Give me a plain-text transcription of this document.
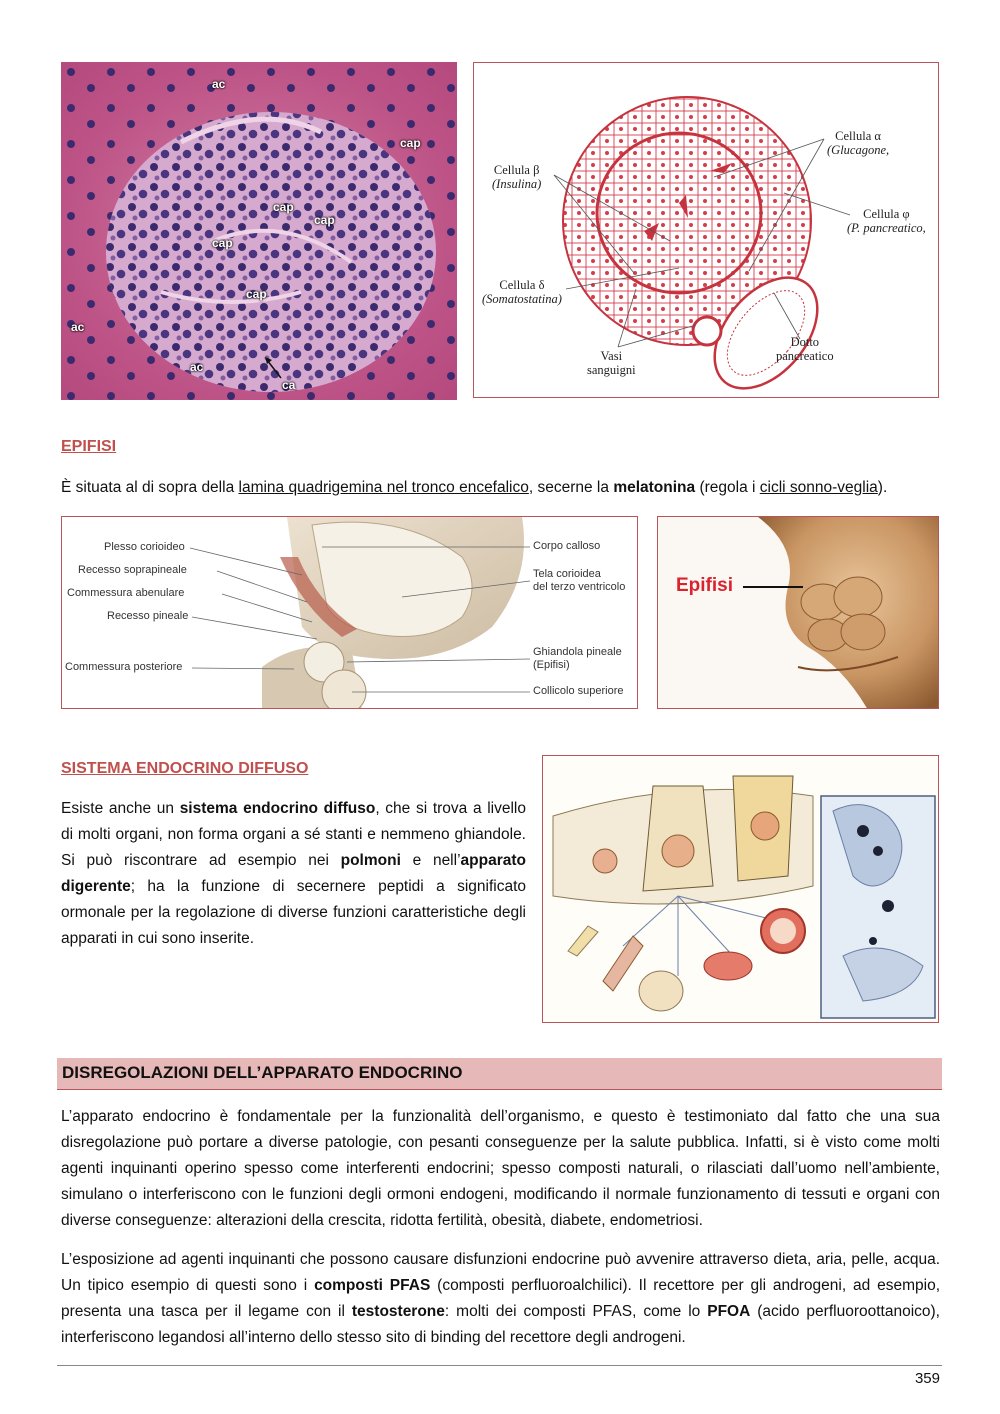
ac
cap
cap
cap
cap
cap
ac
ac
ca
Cellula β
(Insulina)
Cellula α
(Glucagone,
Cellula φ
(P. pancreatico,
Cellula δ
(Somatostatina)
Vasi
sanguigni
Dotto
pancreatico
EPIFISI
È situata al di sopra della lamina quadrigemina nel tronco encefalico, secerne la melatonina (regola i cicli sonno-veglia).
Plesso corioideo
Recesso soprapineale
Commessura abenulare
Recesso pineale
Commessura posteriore
Corpo calloso
Tela corioidea
del terzo ventricolo
Ghiandola pineale
(Epifisi)
Collicolo superiore
Epifisi
SISTEMA ENDOCRINO DIFFUSO
Esiste anche un sistema endocrino diffuso, che si trova a livello di molti organi, non forma organi a sé stanti e nemmeno ghiandole. Si può riscontrare ad esempio nei polmoni e nell’apparato digerente; ha la funzione di secernere peptidi a significato ormonale per la regolazione di diverse funzioni caratteristiche degli apparati in cui sono inserite.
DISREGOLAZIONI DELL’APPARATO ENDOCRINO
L’apparato endocrino è fondamentale per la funzionalità dell’organismo, e questo è testimoniato dal fatto che una sua disregolazione può portare a diverse patologie, con pesanti conseguenze per la salute pubblica. Infatti, si è visto come molti agenti inquinanti operino spesso come interferenti endocrini; spesso composti naturali, o rilasciati dall’uomo nell’ambiente, simulano o interferiscono con le funzioni degli ormoni endogeni, modificando il normale funzionamento di tessuti e organi con diverse conseguenze: alterazioni della crescita, ridotta fertilità, obesità, diabete, endometriosi.
L’esposizione ad agenti inquinanti che possono causare disfunzioni endocrine può avvenire attraverso dieta, aria, pelle, acqua. Un tipico esempio di questi sono i composti PFAS (composti perfluoroalchilici). Il recettore per gli androgeni, ad esempio, presenta una tasca per il legame con il testosterone: molti dei composti PFAS, come lo PFOA (acido perfluoroottanoico), interferiscono legandosi all’interno dello stesso sito di binding del recettore degli androgeni.
359
